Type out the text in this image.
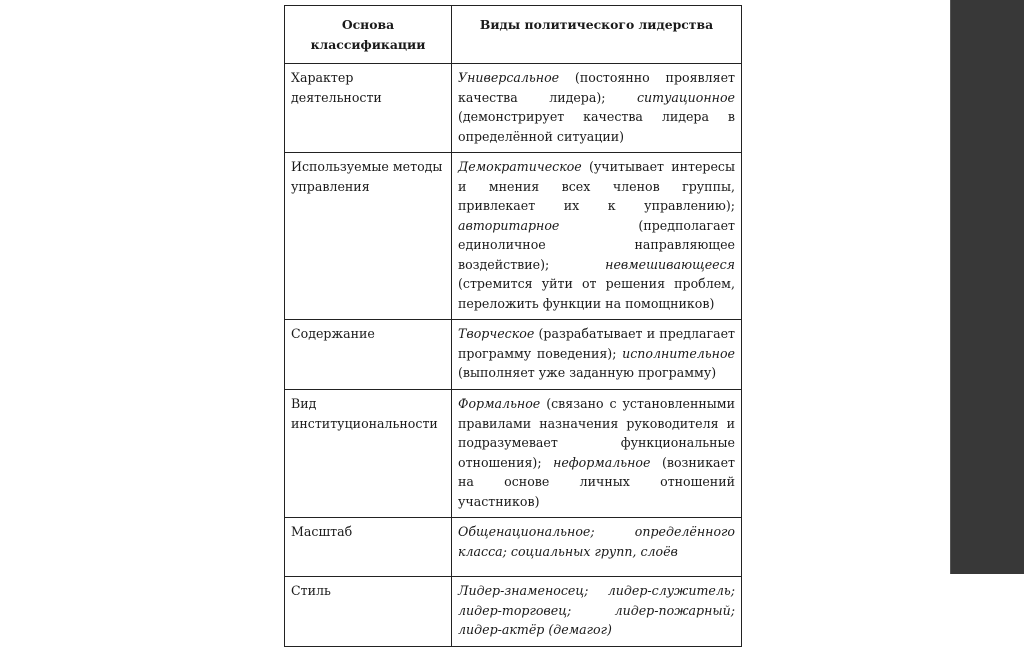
Основа классификации	Виды политического лидерства
Характер деятельности	Универсальное (постоянно проявляет качества лидера); ситуационное (демонстрирует качества лидера в определённой ситуации)
Используемые методы управления	Демократическое (учитывает интересы и мнения всех членов группы, привлекает их к управлению); авторитарное (предполагает единоличное направляющее воздействие); невмешивающееся (стремится уйти от решения проблем, переложить функции на помощников)
Содержание	Творческое (разрабатывает и предлагает программу поведения); исполнительное (выполняет уже заданную программу)
Вид институциональности	Формальное (связано с установленными правилами назначения руководителя и подразумевает функциональные отношения); неформальное (возникает на основе личных отношений участников)
Масштаб	Общенациональное; определённого класса; социальных групп, слоёв
Стиль	Лидер-знаменосец; лидер-служитель; лидер-торговец; лидер-пожарный; лидер-актёр (демагог)
